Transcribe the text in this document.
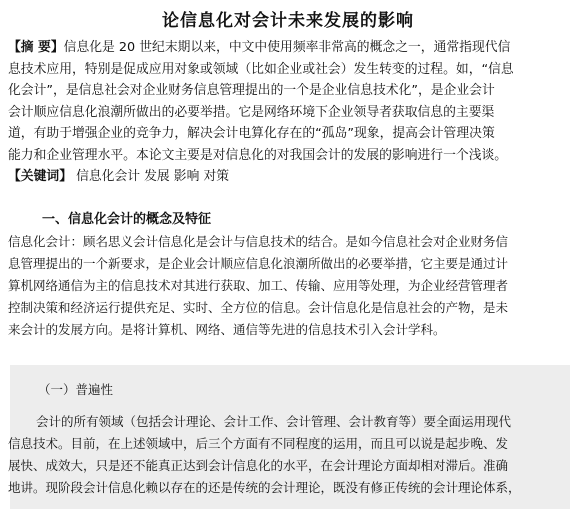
论信息化对会计未来发展的影响
【摘 要】信息化是 20 世纪末期以来，中文中使用频率非常高的概念之一，通常指现代信
息技术应用，特别是促成应用对象或领域（比如企业或社会）发生转变的过程。如，“信息
化会计”，是信息社会对企业财务信息管理提出的一个是企业信息技术化”，是企业会计
会计顺应信息化浪潮所做出的必要举措。它是网络环境下企业领导者获取信息的主要渠
道，有助于增强企业的竞争力，解决会计电算化存在的“孤岛”现象，提高会计管理决策
能力和企业管理水平。本论文主要是对信息化的对我国会计的发展的影响进行一个浅谈。
【关键词】 信息化会计 发展 影响 对策
一、信息化会计的概念及特征
信息化会计：顾名思义会计信息化是会计与信息技术的结合。是如今信息社会对企业财务信
息管理提出的一个新要求，是企业会计顺应信息化浪潮所做出的必要举措，它主要是通过计
算机网络通信为主的信息技术对其进行获取、加工、传输、应用等处理，为企业经营管理者
控制决策和经济运行提供充足、实时、全方位的信息。会计信息化是信息社会的产物，是未
来会计的发展方向。是将计算机、网络、通信等先进的信息技术引入会计学科。
（一）普遍性
会计的所有领域（包括会计理论、会计工作、会计管理、会计教育等）要全面运用现代
信息技术。目前，在上述领域中，后三个方面有不同程度的运用，而且可以说是起步晚、发
展快、成效大，只是还不能真正达到会计信息化的水平，在会计理论方面却相对滞后。准确
地讲。现阶段会计信息化赖以存在的还是传统的会计理论，既没有修正传统的会计理论体系，
